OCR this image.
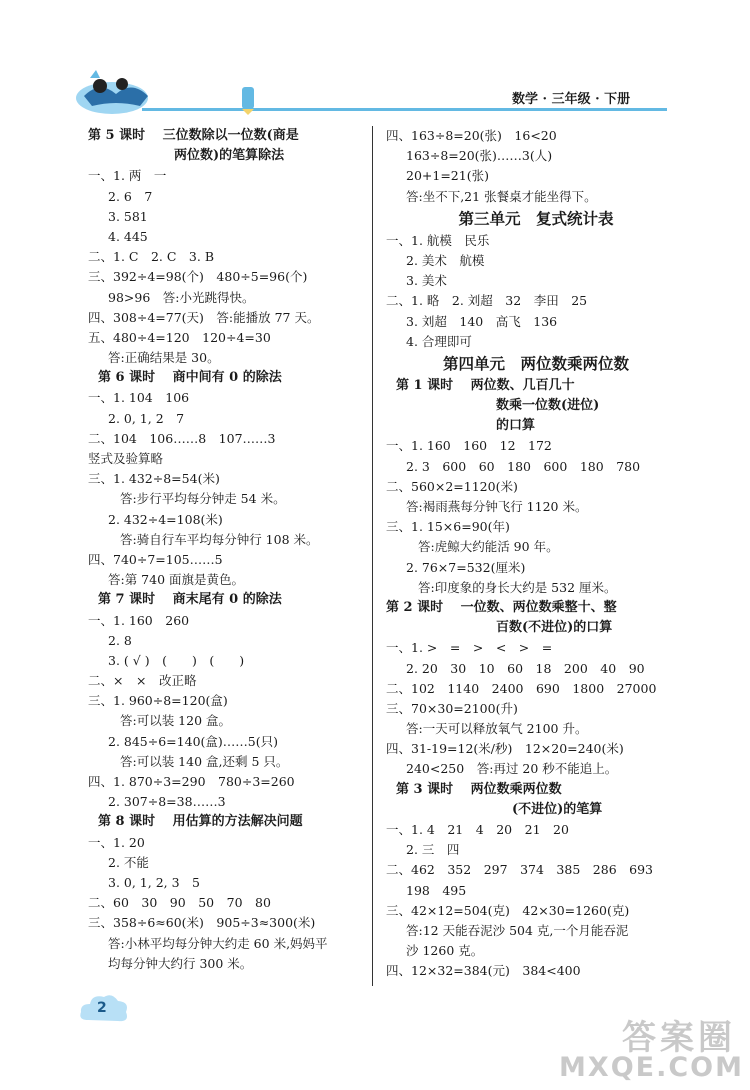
数学 · 三年级 · 下册
第 5 课时　 三位数除以一位数(商是
两位数)的笔算除法
一、1. 两　一
2. 6　7
3. 581
4. 445
二、1. C　2. C　3. B
三、392÷4=98(个)　480÷5=96(个)
98>96　答:小光跳得快。
四、308÷4=77(天)　答:能播放 77 天。
五、480÷4=120　120÷4=30
答:正确结果是 30。
第 6 课时　 商中间有 0 的除法
一、1. 104　106
2. 0, 1, 2　7
二、104　106……8　107……3
竖式及验算略
三、1. 432÷8=54(米)
答:步行平均每分钟走 54 米。
2. 432÷4=108(米)
答:骑自行车平均每分钟行 108 米。
四、740÷7=105……5
答:第 740 面旗是黄色。
第 7 课时　 商末尾有 0 的除法
一、1. 160　260
2. 8
3. ( √ )　(　　)　(　　)
二、×　×　改正略
三、1. 960÷8=120(盒)
答:可以装 120 盒。
2. 845÷6=140(盒)……5(只)
答:可以装 140 盒,还剩 5 只。
四、1. 870÷3=290　780÷3=260
2. 307÷8=38……3
第 8 课时　 用估算的方法解决问题
一、1. 20
2. 不能
3. 0, 1, 2, 3　5
二、60　30　90　50　70　80
三、358÷6≈60(米)　905÷3≈300(米)
答:小林平均每分钟大约走 60 米,妈妈平
均每分钟大约行 300 米。
四、163÷8=20(张)　16<20
163÷8=20(张)……3(人)
20+1=21(张)
答:坐不下,21 张餐桌才能坐得下。
第三单元　复式统计表
一、1. 航模　民乐
2. 美术　航模
3. 美术
二、1. 略　2. 刘超　32　李田　25
3. 刘超　140　高飞　136
4. 合理即可
第四单元　两位数乘两位数
第 1 课时　 两位数、几百几十
数乘一位数(进位)
的口算
一、1. 160　160　12　172
2. 3　600　60　180　600　180　780
二、560×2=1120(米)
答:褐雨燕每分钟飞行 1120 米。
三、1. 15×6=90(年)
答:虎鲸大约能活 90 年。
2. 76×7=532(厘米)
答:印度象的身长大约是 532 厘米。
第 2 课时　 一位数、两位数乘整十、整
百数(不进位)的口算
一、1. >　=　>　<　>　=
2. 20　30　10　60　18　200　40　90
二、102　1140　2400　690　1800　27000
三、70×30=2100(升)
答:一天可以释放氧气 2100 升。
四、31-19=12(米/秒)　12×20=240(米)
240<250　答:再过 20 秒不能追上。
第 3 课时　 两位数乘两位数
(不进位)的笔算
一、1. 4　21　4　20　21　20
2. 三　四
二、462　352　297　374　385　286　693
198　495
三、42×12=504(克)　42×30=1260(克)
答:12 天能吞泥沙 504 克,一个月能吞泥
沙 1260 克。
四、12×32=384(元)　384<400
2
答案圈
MXQE.COM
